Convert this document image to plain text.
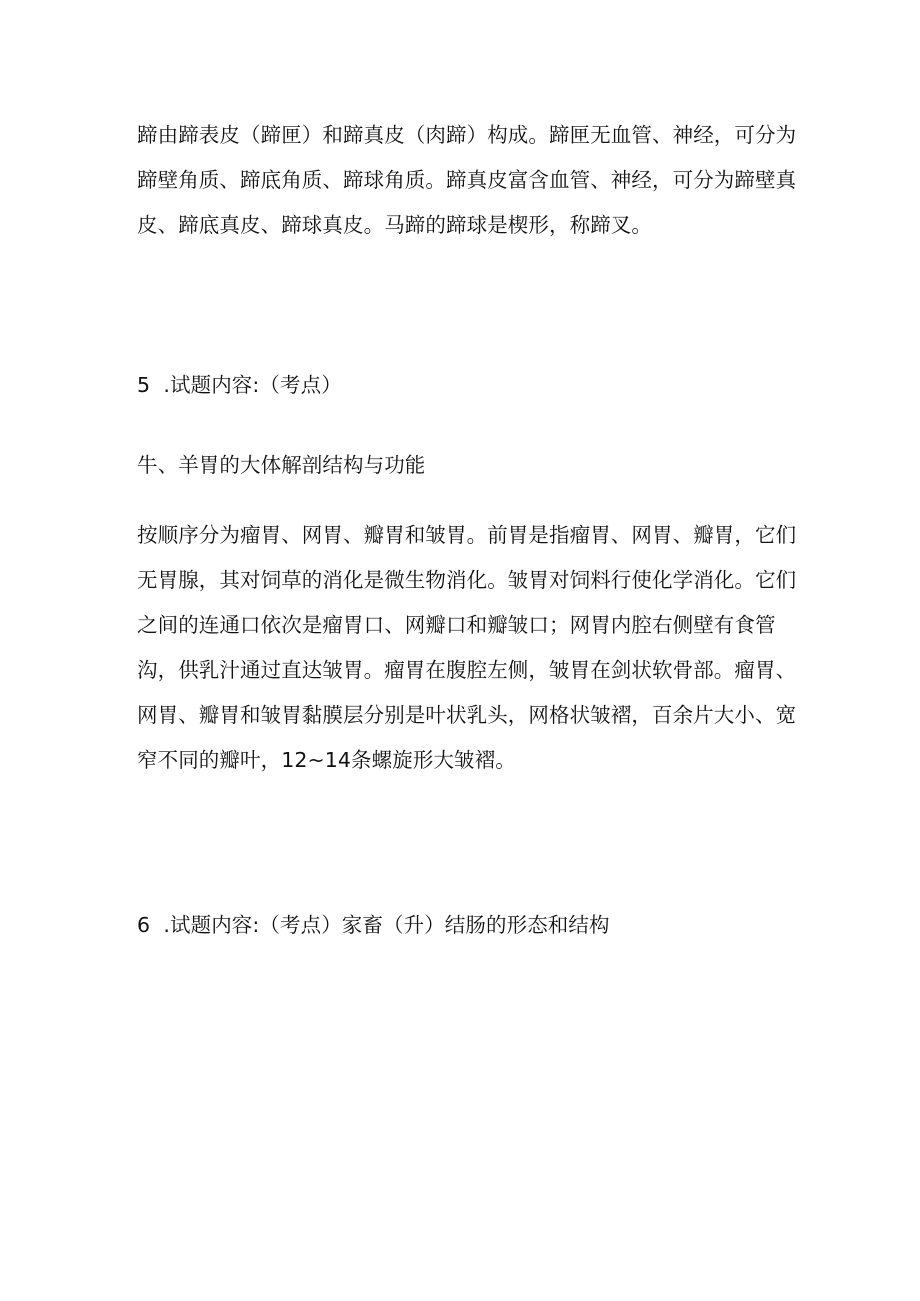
蹄由蹄表皮（蹄匣）和蹄真皮（肉蹄）构成。蹄匣无血管、神经，可分为蹄壁角质、蹄底角质、蹄球角质。蹄真皮富含血管、神经，可分为蹄壁真皮、蹄底真皮、蹄球真皮。马蹄的蹄球是楔形，称蹄叉。

5  .试题内容:（考点）

牛、羊胃的大体解剖结构与功能

按顺序分为瘤胃、网胃、瓣胃和皱胃。前胃是指瘤胃、网胃、瓣胃，它们无胃腺，其对饲草的消化是微生物消化。皱胃对饲料行使化学消化。它们之间的连通口依次是瘤胃口、网瓣口和瓣皱口；网胃内腔右侧壁有食管沟，供乳汁通过直达皱胃。瘤胃在腹腔左侧，皱胃在剑状软骨部。瘤胃、网胃、瓣胃和皱胃黏膜层分别是叶状乳头，网格状皱褶，百余片大小、宽窄不同的瓣叶，12~14条螺旋形大皱褶。

6  .试题内容:（考点）家畜（升）结肠的形态和结构
